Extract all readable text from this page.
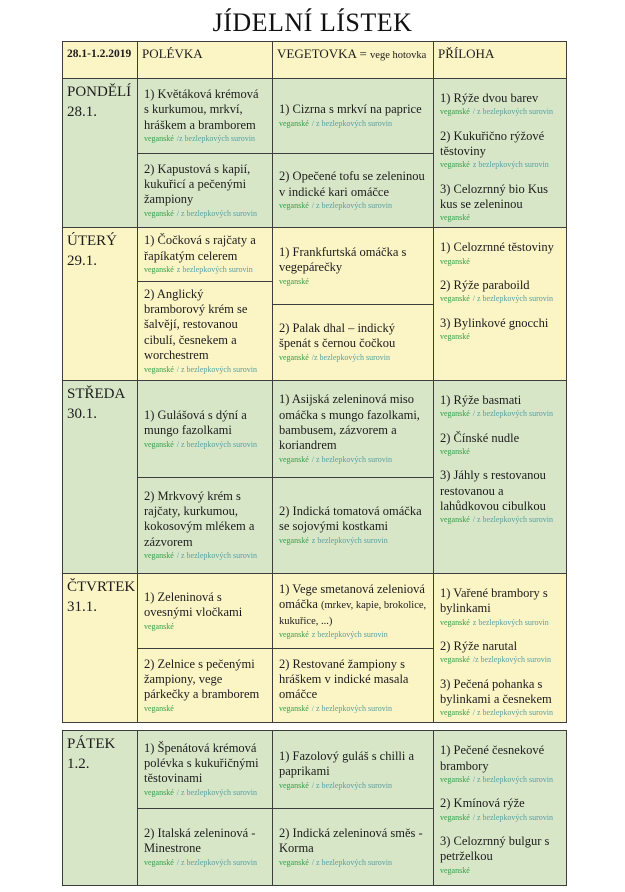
JÍDELNÍ LÍSTEK
28.1-1.2.2019 POLÉVKA	VEGETOVKA = vege hotovka PŘÍLOHA
PONDĚLÍ
28.1.
1) Květáková krémová s kurkumou, mrkví, hráškem a bramborem
veganské /z bezlepkových surovin
2) Kapustová s kapií, kukuřicí a pečenými žampiony
veganské / z bezlepkových surovin
1) Cizrna s mrkví na paprice
veganské / z bezlepkových surovin
2) Opečené tofu se zeleninou v indické kari omáčce
veganské / z bezlepkových surovin
1) Rýže dvou barev
veganské / z bezlepkových surovin
2) Kukuřično rýžové těstoviny
veganské z bezlepkových surovin
3) Celozrnný bio Kus kus se zeleninou
veganské
ÚTERÝ
29.1.
1) Čočková s rajčaty a řapíkatým celerem
veganské z bezlepkových surovin
2) Anglický bramborový krém se šalvějí, restovanou cibulí, česnekem a worchestrem
veganské / z bezlepkových surovin
1) Frankfurtská omáčka s vegepárečky
veganské
2) Palak dhal – indický špenát s černou čočkou
veganské /z bezlepkových surovin
1) Celozrnné těstoviny
veganské
2) Rýže paraboild
veganské / z bezlepkových surovin
3) Bylinkové gnocchi
veganské
STŘEDA
30.1.	1) Gulášová s dýní a mungo fazolkami
veganské / z bezlepkových surovin
2) Mrkvový krém s rajčaty, kurkumou, kokosovým mlékem a zázvorem
veganské / z bezlepkových surovin
1) Asijská zeleninová miso omáčka s mungo fazolkami, bambusem, zázvorem a koriandrem
veganské / z bezlepkových surovin
2) Indická tomatová omáčka se sojovými kostkami
veganské z bezlepkových surovin
1) Rýže basmati
veganské / z bezlepkových surovin
2) Čínské nudle
veganské
3) Jáhly s restovanou restovanou a lahůdkovou cibulkou
veganské / z bezlepkových surovin
ČTVRTEK
31.1.
1) Zeleninová s ovesnými vločkami
veganské
2) Zelnice s pečenými žampiony, vege párkečky a bramborem
veganské
1) Vege smetanová zeleniová omáčka (mrkev, kapie, brokolice, kukuřice, ...)
veganské z bezlepkových surovin
2) Restované žampiony s hráškem v indické masala omáčce
veganské / z bezlepkových surovin
1) Vařené brambory s bylinkami
veganské z bezlepkových surovin
2) Rýže narutal
veganské /z bezlepkových surovin
3) Pečená pohanka s bylinkami a česnekem
veganské / z bezlepkových surovin
PÁTEK
1.2.
1) Špenátová krémová polévka s kukuřičnými těstovinami
veganské / z bezlepkových surovin
2) Italská zeleninová - Minestrone
veganské / z bezlepkových surovin
1) Fazolový guláš s chilli a paprikami
veganské / z bezlepkových surovin
2) Indická zeleninová směs - Korma
veganské / z bezlepkových surovin
1) Pečené česnekové brambory
veganské / z bezlepkových surovin
2) Kmínová rýže
veganské / z bezlepkových surovin
3) Celozrnný bulgur s petrželkou
veganské
